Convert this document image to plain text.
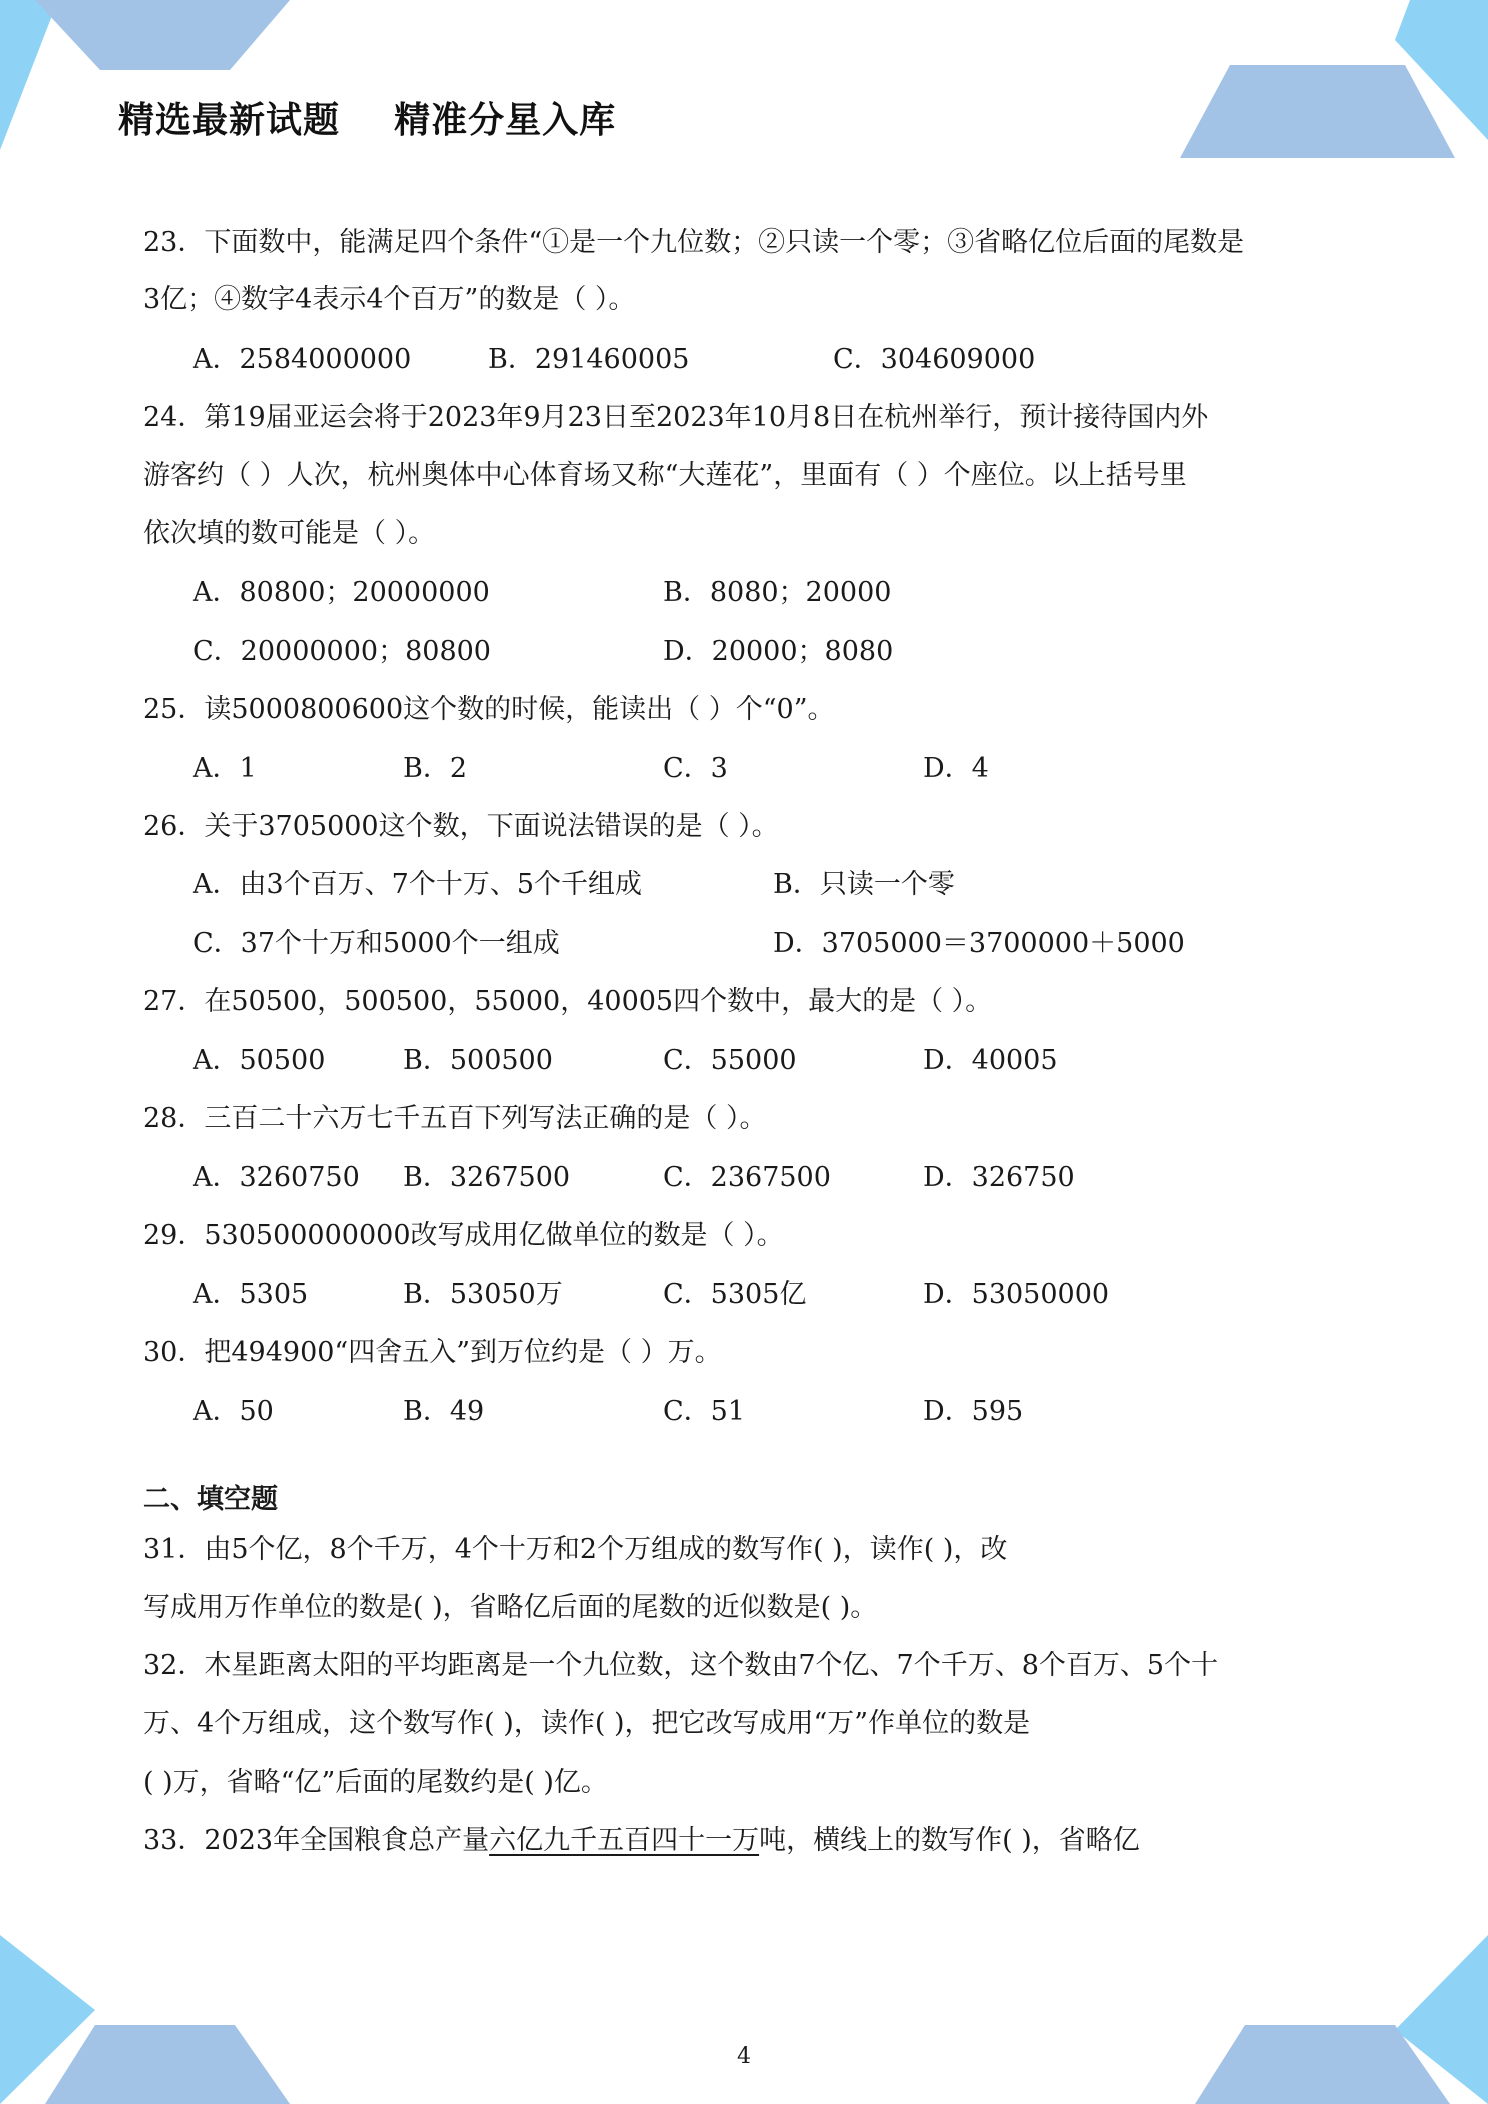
精选最新试题    精准分星入库
23．下面数中，能满足四个条件“①是一个九位数；②只读一个零；③省略亿位后面的尾数是
3亿；④数字4表示4个百万”的数是（ ）。
A．2584000000	B．291460005	C．304609000
24．第19届亚运会将于2023年9月23日至2023年10月8日在杭州举行，预计接待国内外
游客约（ ）人次，杭州奥体中心体育场又称“大莲花”，里面有（ ）个座位。以上括号里
依次填的数可能是（ ）。
A．80800；20000000	B．8080；20000
C．20000000；80800	D．20000；8080
25．读5000800600这个数的时候，能读出（ ）个“0”。
A．1	B．2	C．3	D．4
26．关于3705000这个数，下面说法错误的是（ ）。
A．由3个百万、7个十万、5个千组成	B．只读一个零
C．37个十万和5000个一组成	D．3705000＝3700000＋5000
27．在50500，500500，55000，40005四个数中，最大的是（ ）。
A．50500	B．500500	C．55000	D．40005
28．三百二十六万七千五百下列写法正确的是（ ）。
A．3260750 B．3267500	C．2367500	D．326750
29．530500000000改写成用亿做单位的数是（ ）。
A．5305	B．53050万	C．5305亿	D．53050000
30．把494900“四舍五入”到万位约是（ ）万。
A．50	B．49	C．51	D．595
二、填空题
31．由5个亿，8个千万，4个十万和2个万组成的数写作( )，读作( )，改
写成用万作单位的数是( )，省略亿后面的尾数的近似数是( )。
32．木星距离太阳的平均距离是一个九位数，这个数由7个亿、7个千万、8个百万、5个十
万、4个万组成，这个数写作( )，读作( )，把它改写成用“万”作单位的数是
( )万，省略“亿”后面的尾数约是( )亿。
33．2023年全国粮食总产量六亿九千五百四十一万吨，横线上的数写作( )，省略亿
4
